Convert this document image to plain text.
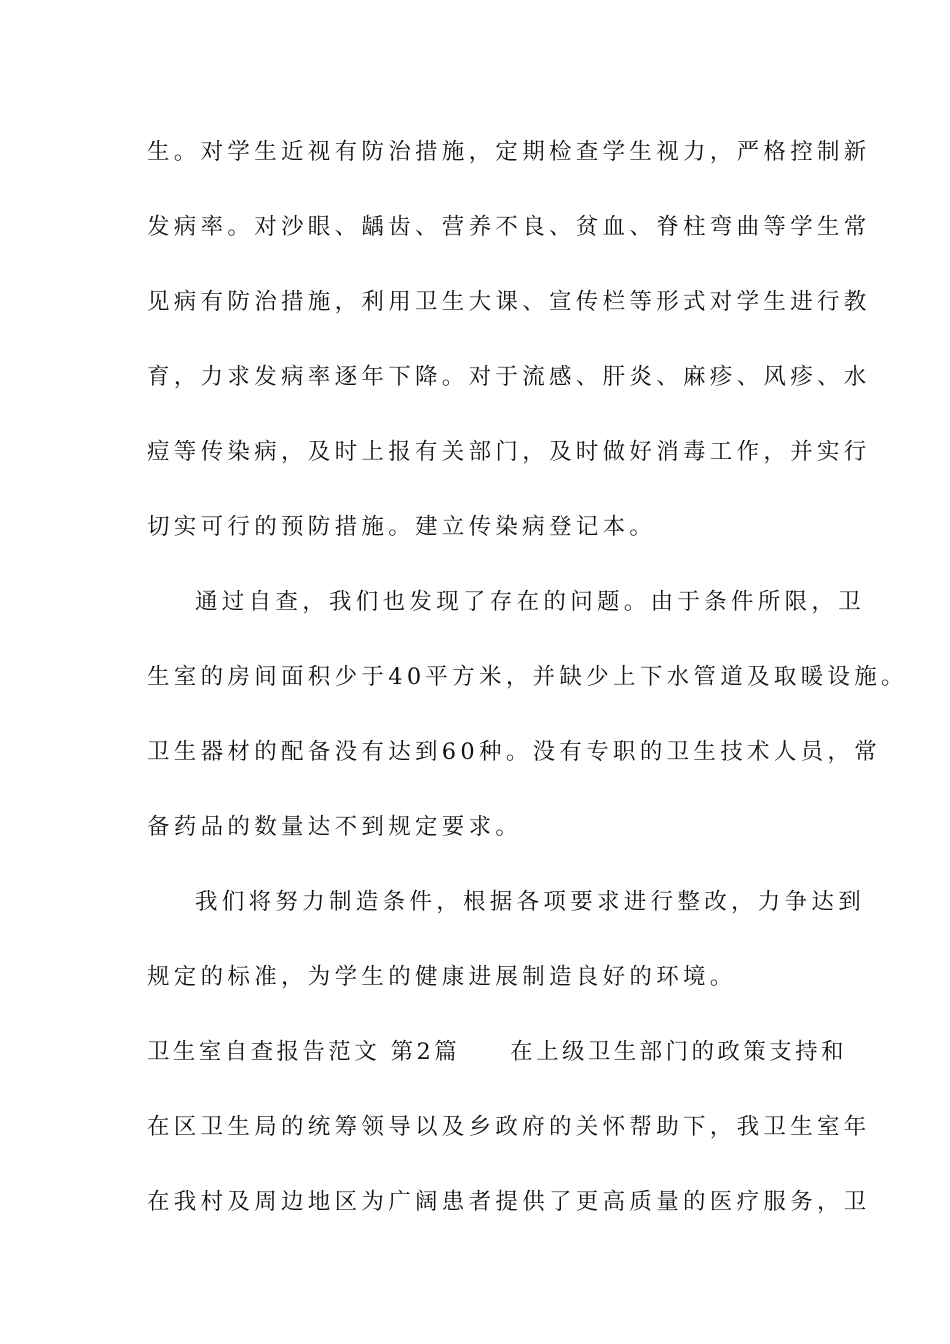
生。对学生近视有防治措施，定期检查学生视力，严格控制新
发病率。对沙眼、龋齿、营养不良、贫血、脊柱弯曲等学生常
见病有防治措施，利用卫生大课、宣传栏等形式对学生进行教
育，力求发病率逐年下降。对于流感、肝炎、麻疹、风疹、水
痘等传染病，及时上报有关部门，及时做好消毒工作，并实行
切实可行的预防措施。建立传染病登记本。
通过自查，我们也发现了存在的问题。由于条件所限，卫
生室的房间面积少于40平方米，并缺少上下水管道及取暖设施。
卫生器材的配备没有达到60种。没有专职的卫生技术人员，常
备药品的数量达不到规定要求。
我们将努力制造条件，根据各项要求进行整改，力争达到
规定的标准，为学生的健康进展制造良好的环境。
卫生室自查报告范文 第2篇 在上级卫生部门的政策支持和
在区卫生局的统筹领导以及乡政府的关怀帮助下，我卫生室年
在我村及周边地区为广阔患者提供了更高质量的医疗服务，卫
